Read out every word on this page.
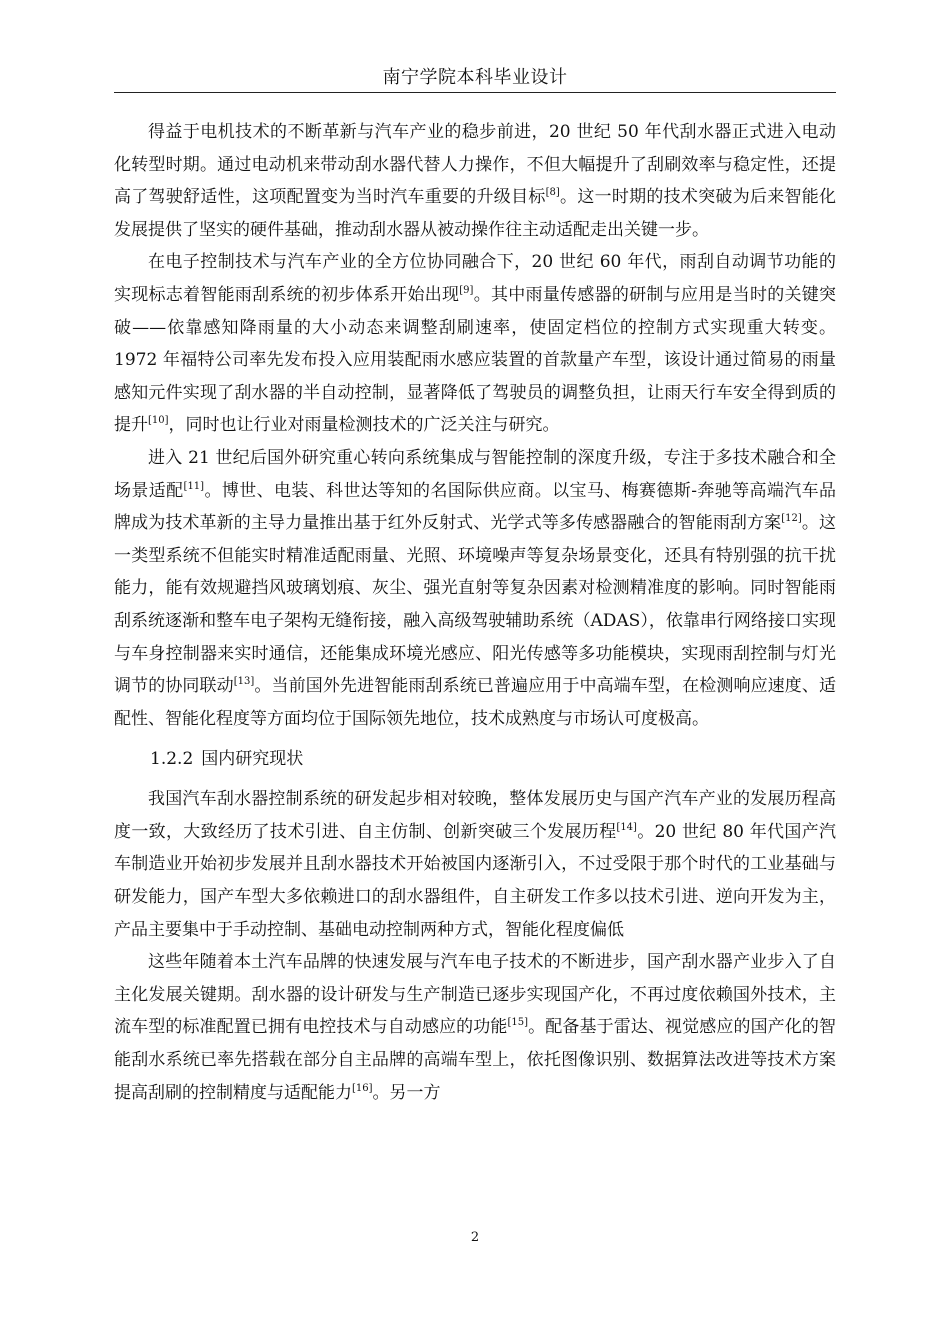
南宁学院本科毕业设计

得益于电机技术的不断革新与汽车产业的稳步前进，20 世纪 50 年代刮水器正式进入电动化转型时期。通过电动机来带动刮水器代替人力操作，不但大幅提升了刮刷效率与稳定性，还提高了驾驶舒适性，这项配置变为当时汽车重要的升级目标[8]。这一时期的技术突破为后来智能化发展提供了坚实的硬件基础，推动刮水器从被动操作往主动适配走出关键一步。

在电子控制技术与汽车产业的全方位协同融合下，20 世纪 60 年代，雨刮自动调节功能的实现标志着智能雨刮系统的初步体系开始出现[9]。其中雨量传感器的研制与应用是当时的关键突破——依靠感知降雨量的大小动态来调整刮刷速率，使固定档位的控制方式实现重大转变。1972 年福特公司率先发布投入应用装配雨水感应装置的首款量产车型，该设计通过简易的雨量感知元件实现了刮水器的半自动控制，显著降低了驾驶员的调整负担，让雨天行车安全得到质的提升[10]，同时也让行业对雨量检测技术的广泛关注与研究。

进入 21 世纪后国外研究重心转向系统集成与智能控制的深度升级，专注于多技术融合和全场景适配[11]。博世、电装、科世达等知的名国际供应商。以宝马、梅赛德斯-奔驰等高端汽车品牌成为技术革新的主导力量推出基于红外反射式、光学式等多传感器融合的智能雨刮方案[12]。这一类型系统不但能实时精准适配雨量、光照、环境噪声等复杂场景变化，还具有特别强的抗干扰能力，能有效规避挡风玻璃划痕、灰尘、强光直射等复杂因素对检测精准度的影响。同时智能雨刮系统逐渐和整车电子架构无缝衔接，融入高级驾驶辅助系统（ADAS），依靠串行网络接口实现与车身控制器来实时通信，还能集成环境光感应、阳光传感等多功能模块，实现雨刮控制与灯光调节的协同联动[13]。当前国外先进智能雨刮系统已普遍应用于中高端车型，在检测响应速度、适配性、智能化程度等方面均位于国际领先地位，技术成熟度与市场认可度极高。

1.2.2 国内研究现状

我国汽车刮水器控制系统的研发起步相对较晚，整体发展历史与国产汽车产业的发展历程高度一致，大致经历了技术引进、自主仿制、创新突破三个发展历程[14]。20 世纪 80 年代国产汽车制造业开始初步发展并且刮水器技术开始被国内逐渐引入，不过受限于那个时代的工业基础与研发能力，国产车型大多依赖进口的刮水器组件，自主研发工作多以技术引进、逆向开发为主，产品主要集中于手动控制、基础电动控制两种方式，智能化程度偏低

这些年随着本土汽车品牌的快速发展与汽车电子技术的不断进步，国产刮水器产业步入了自主化发展关键期。刮水器的设计研发与生产制造已逐步实现国产化，不再过度依赖国外技术，主流车型的标准配置已拥有电控技术与自动感应的功能[15]。配备基于雷达、视觉感应的国产化的智能刮水系统已率先搭载在部分自主品牌的高端车型上，依托图像识别、数据算法改进等技术方案提高刮刷的控制精度与适配能力[16]。另一方

2
